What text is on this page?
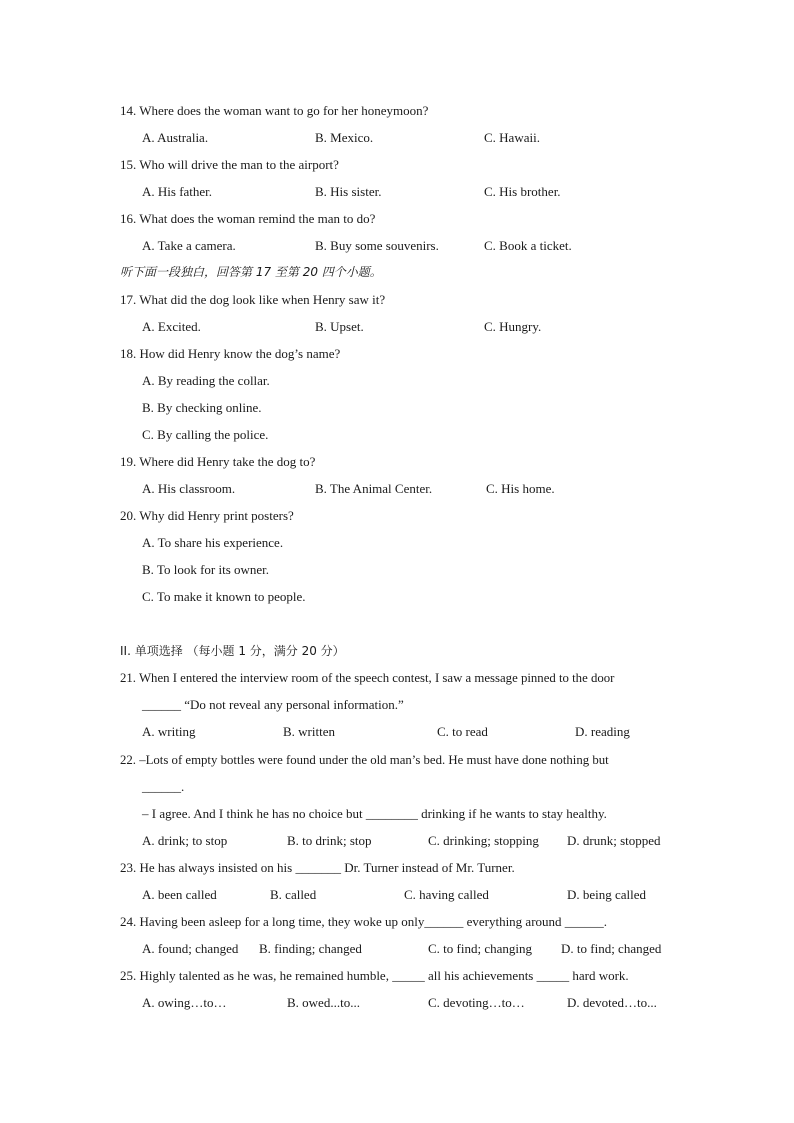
14. Where does the woman want to go for her honeymoon?
A. Australia.	B. Mexico.	C. Hawaii.
15. Who will drive the man to the airport?
A. His father.	B. His sister.	C. His brother.
16. What does the woman remind the man to do?
A. Take a camera.	B. Buy some souvenirs.	C. Book a ticket.
听下面一段独白，回答第 17 至第 20 四个小题。
17. What did the dog look like when Henry saw it?
A. Excited.	B. Upset.	C. Hungry.
18. How did Henry know the dog’s name?
A. By reading the collar.
B. By checking online.
C. By calling the police.
19. Where did Henry take the dog to?
A. His classroom.	B. The Animal Center.	C. His home.
20. Why did Henry print posters?
A. To share his experience.
B. To look for its owner.
C. To make it known to people.
II. 单项选择 （每小题 1 分，满分 20 分）
21. When I entered the interview room of the speech contest, I saw a message pinned to the door
______ “Do not reveal any personal information.”
A. writing	B. written	C. to read	D. reading
22. –Lots of empty bottles were found under the old man’s bed. He must have done nothing but
______.
– I agree. And I think he has no choice but ________ drinking if he wants to stay healthy.
A. drink; to stop	B. to drink; stop	C. drinking; stopping D. drunk; stopped
23. He has always insisted on his _______ Dr. Turner instead of Mr. Turner.
A. been called	B. called	C. having called	D. being called
24. Having been asleep for a long time, they woke up only______ everything around ______.
A. found; changed B. finding; changed	C. to find; changing D. to find; changed
25. Highly talented as he was, he remained humble, _____ all his achievements _____ hard work.
A. owing…to…	B. owed...to...	C. devoting…to…	D. devoted…to...
